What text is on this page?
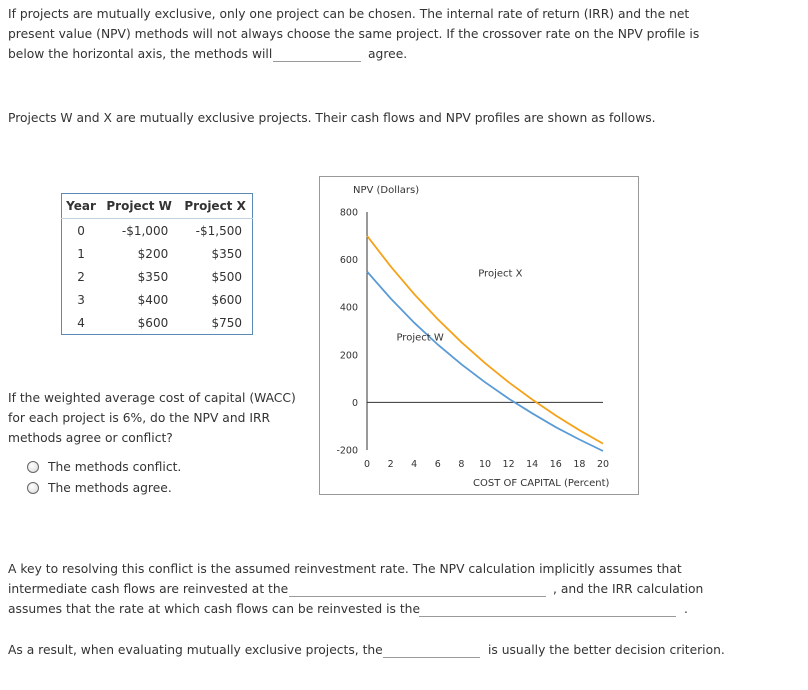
If projects are mutually exclusive, only one project can be chosen. The internal rate of return (IRR) and the net
present value (NPV) methods will not always choose the same project. If the crossover rate on the NPV profile is
below the horizontal axis, the methods will	agree.
Projects W and X are mutually exclusive projects. Their cash flows and NPV profiles are shown as follows.
Year	Project W	Project X
0	-$1,000	-$1,500
1	$200	$350
2	$350	$500
3	$400	$600
4	$600	$750
If the weighted average cost of capital (WACC)
for each project is 6%, do the NPV and IRR
methods agree or conflict?
The methods conflict.
The methods agree.
NPV (Dollars)
COST OF CAPITAL (Percent)
800
600
400
200
0
-200
0 2 4 6 8 10 12 14 16 18 20
Project W
Project X
A key to resolving this conflict is the assumed reinvestment rate. The NPV calculation implicitly assumes that
intermediate cash flows are reinvested at the	, and the IRR calculation
assumes that the rate at which cash flows can be reinvested is the	.
As a result, when evaluating mutually exclusive projects, the	is usually the better decision criterion.
